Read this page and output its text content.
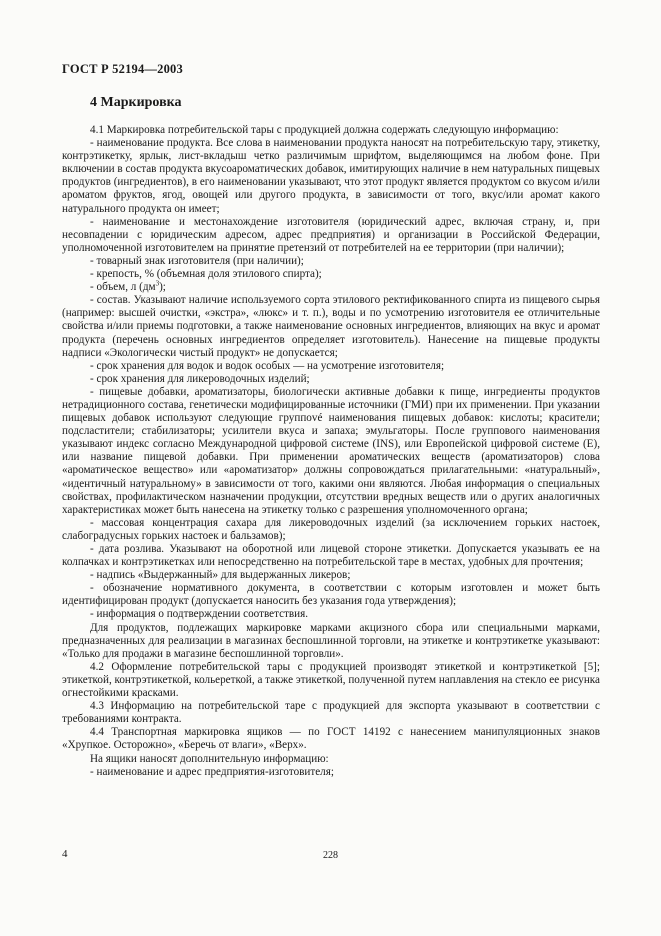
ГОСТ Р 52194—2003
4 Маркировка

4.1 Маркировка потребительской тары с продукцией должна содержать следующую информацию:

- наименование продукта. Все слова в наименовании продукта наносят на потребительскую тару, этикетку, контрэтикетку, ярлык, лист-вкладыш четко различимым шрифтом, выделяющимся на любом фоне. При включении в состав продукта вкусоароматических добавок, имитирующих наличие в нем натуральных пищевых продуктов (ингредиентов), в его наименовании указывают, что этот продукт является продуктом со вкусом и/или ароматом фруктов, ягод, овощей или другого продукта, в зависимости от того, вкус/или аромат какого натурального продукта он имеет;

- наименование и местонахождение изготовителя (юридический адрес, включая страну, и, при несовпадении с юридическим адресом, адрес предприятия) и организации в Российской Федерации, уполномоченной изготовителем на принятие претензий от потребителей на ее территории (при наличии);

- товарный знак изготовителя (при наличии);

- крепость, % (объемная доля этилового спирта);

- объем, л $(дм^3)$;

- состав. Указывают наличие используемого сорта этилового ректификованного спирта из пищевого сырья (например: высшей очистки, «экстра», «люкс» и т. п.), воды и по усмотрению изготовителя ее отличительные свойства и/или приемы подготовки, а также наименование основных ингредиентов, влияющих на вкус и аромат продукта (перечень основных ингредиентов определяет изготовитель). Нанесение на пищевые продукты надписи «Экологически чистый продукт» не допускается;

- срок хранения для водок и водок особых — на усмотрение изготовителя;

- срок хранения для ликероводочных изделий;

- пищевые добавки, ароматизаторы, биологически активные добавки к пище, ингредиенты продуктов нетрадиционного состава, генетически модифицированные источники (ГМИ) при их применении. При указании пищевых добавок используют следующие группové наименования пищевых добавок: кислоты; красители; подсластители; стабилизаторы; усилители вкуса и запаха; эмульгаторы. После группового наименования указывают индекс согласно Международной цифровой системе (INS), или Европейской цифровой системе (Е), или название пищевой добавки. При применении ароматических веществ (ароматизаторов) слова «ароматическое вещество» или «ароматизатор» должны сопровождаться прилагательными: «натуральный», «идентичный натуральному» в зависимости от того, какими они являются. Любая информация о специальных свойствах, профилактическом назначении продукции, отсутствии вредных веществ или о других аналогичных характеристиках может быть нанесена на этикетку только с разрешения уполномоченного органа;

- массовая концентрация сахара для ликероводочных изделий (за исключением горьких настоек, слабоградусных горьких настоек и бальзамов);

- дата розлива. Указывают на оборотной или лицевой стороне этикетки. Допускается указывать ее на колпачках и контрэтикетках или непосредственно на потребительской таре в местах, удобных для прочтения;

- надпись «Выдержанный» для выдержанных ликеров;

- обозначение нормативного документа, в соответствии с которым изготовлен и может быть идентифицирован продукт (допускается наносить без указания года утверждения);

- информация о подтверждении соответствия.

Для продуктов, подлежащих маркировке марками акцизного сбора или специальными марками, предназначенных для реализации в магазинах беспошлинной торговли, на этикетке и контрэтикетке указывают: «Только для продажи в магазине беспошлинной торговли».

4.2 Оформление потребительской тары с продукцией производят этикеткой и контрэтикеткой [5]; этикеткой, контрэтикеткой, кольереткой, а также этикеткой, полученной путем наплавления на стекло ее рисунка огнестойкими красками.

4.3 Информацию на потребительской таре с продукцией для экспорта указывают в соответствии с требованиями контракта.

4.4 Транспортная маркировка ящиков — по ГОСТ 14192 с нанесением манипуляционных знаков «Хрупкое. Осторожно», «Беречь от влаги», «Верх».

На ящики наносят дополнительную информацию:

- наименование и адрес предприятия-изготовителя;

4	228
